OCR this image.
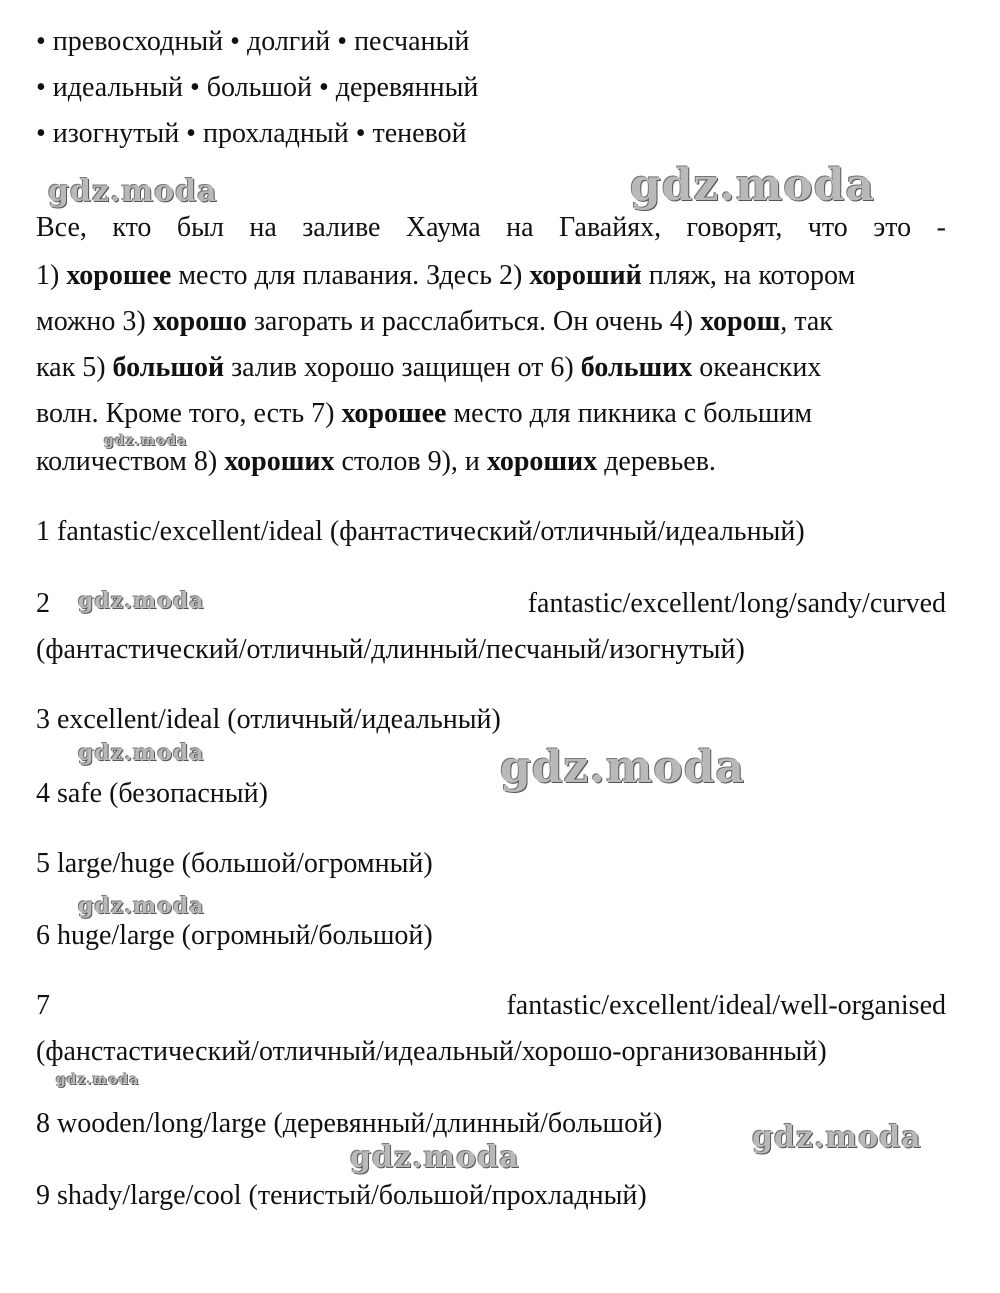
• превосходный • долгий • песчаный
• идеальный • большой • деревянный
• изогнутый • прохладный • теневой
gdz.moda	gdz.moda
Все, кто был на заливе Хаума на Гавайях, говорят, что это -
1) хорошее место для плавания. Здесь 2) хороший пляж, на котором
можно 3) хорошо загорать и расслабиться. Он очень 4) хорош, так
как 5) большой залив хорошо защищен от 6) больших океанских
волн. Кроме того, есть 7) хорошее место для пикника с большим
gdz.moda
количеством 8) хороших столов 9), и хороших деревьев.
1 fantastic/excellent/ideal (фантастический/отличный/идеальный)
2 gdz.moda	fantastic/excellent/long/sandy/curved
(фантастический/отличный/длинный/песчаный/изогнутый)
3 excellent/ideal (отличный/идеальный)
gdz.moda	gdz.moda
4 safe (безопасный)
5 large/huge (большой/огромный)
gdz.moda
6 huge/large (огромный/большой)
7	fantastic/excellent/ideal/well-organised
(фанстастический/отличный/идеальный/хорошо-организованный)
gdz.moda
8 wooden/long/large (деревянный/длинный/большой)	gdz.moda
gdz.moda
9 shady/large/cool (тенистый/большой/прохладный)
